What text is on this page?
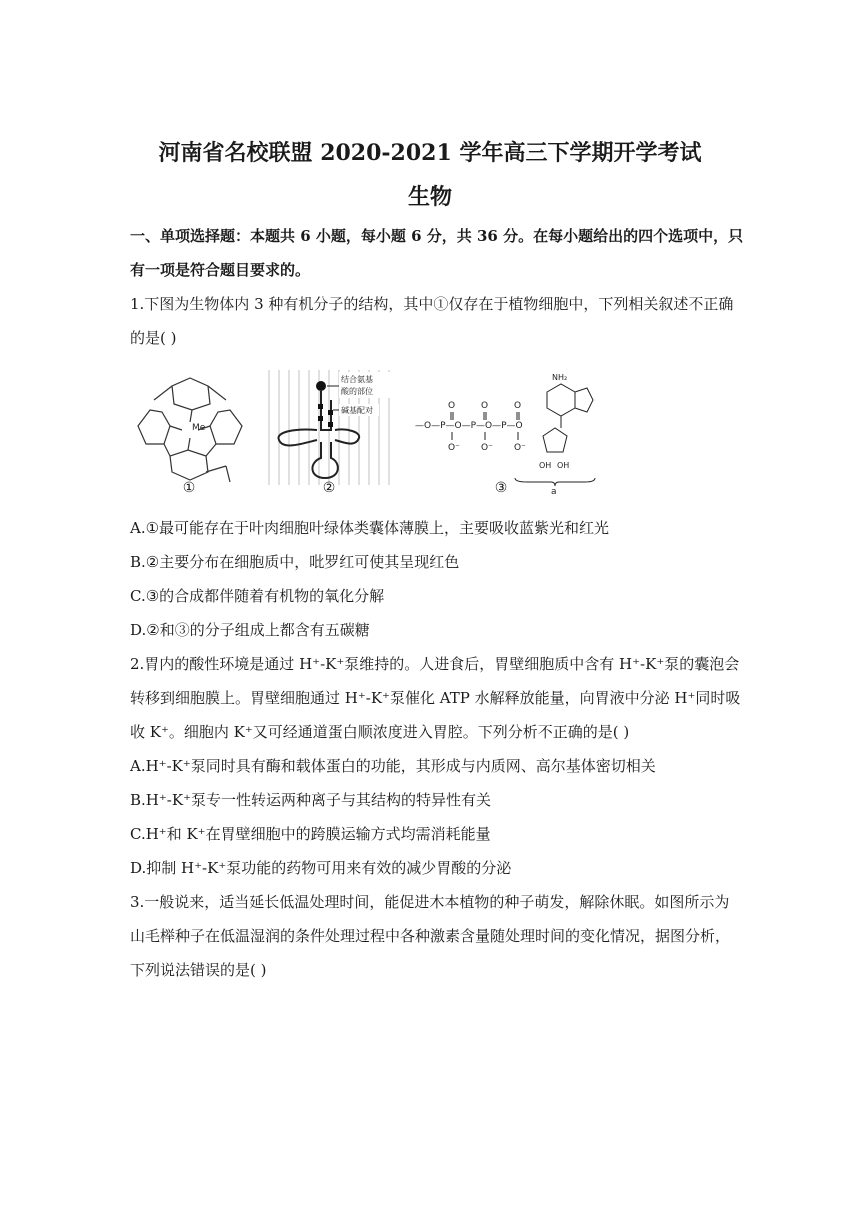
河南省名校联盟 2020-2021 学年高三下学期开学考试
生物
一、单项选择题：本题共 6 小题，每小题 6 分，共 36 分。在每小题给出的四个选项中，只
有一项是符合题目要求的。
1.下图为生物体内 3 种有机分子的结构，其中①仅存在于植物细胞中，下列相关叙述不正确
的是( )
Me
①
结合氨基
酸的部位
碱基配对
②
—O—P—O—P—O—P—O
O	O	O
O⁻ O⁻ O⁻
NH₂
OH OH
a
③
A.①最可能存在于叶肉细胞叶绿体类囊体薄膜上，主要吸收蓝紫光和红光
B.②主要分布在细胞质中，吡罗红可使其呈现红色
C.③的合成都伴随着有机物的氧化分解
D.②和③的分子组成上都含有五碳糖
2.胃内的酸性环境是通过 H⁺-K⁺泵维持的。人进食后，胃壁细胞质中含有 H⁺-K⁺泵的囊泡会
转移到细胞膜上。胃壁细胞通过 H⁺-K⁺泵催化 ATP 水解释放能量，向胃液中分泌 H⁺同时吸
收 K⁺。细胞内 K⁺又可经通道蛋白顺浓度进入胃腔。下列分析不正确的是( )
A.H⁺-K⁺泵同时具有酶和载体蛋白的功能，其形成与内质网、高尔基体密切相关
B.H⁺-K⁺泵专一性转运两种离子与其结构的特异性有关
C.H⁺和 K⁺在胃壁细胞中的跨膜运输方式均需消耗能量
D.抑制 H⁺-K⁺泵功能的药物可用来有效的减少胃酸的分泌
3.一般说来，适当延长低温处理时间，能促进木本植物的种子萌发，解除休眠。如图所示为
山毛榉种子在低温湿润的条件处理过程中各种激素含量随处理时间的变化情况，据图分析，
下列说法错误的是( )
